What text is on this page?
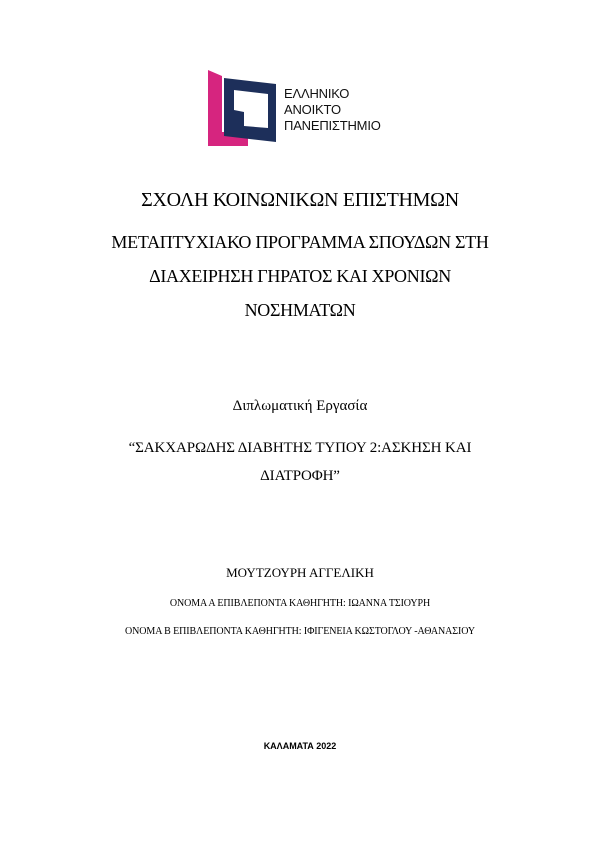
ΕΛΛΗΝΙΚΟ
ΑΝΟΙΚΤΟ
ΠΑΝΕΠΙΣΤΗΜΙΟ
ΣΧΟΛΗ ΚΟΙΝΩΝΙΚΩΝ ΕΠΙΣΤΗΜΩΝ
ΜΕΤΑΠΤΥΧΙΑΚΟ ΠΡΟΓΡΑΜΜΑ ΣΠΟΥΔΩΝ ΣΤΗ
ΔΙΑΧΕΙΡΗΣΗ ΓΗΡΑΤΟΣ ΚΑΙ ΧΡΟΝΙΩΝ
ΝΟΣΗΜΑΤΩΝ
Διπλωματική Εργασία
“ΣΑΚΧΑΡΩΔΗΣ ΔΙΑΒΗΤΗΣ ΤΥΠΟΥ 2:ΑΣΚΗΣΗ ΚΑΙ
ΔΙΑΤΡΟΦΗ”
ΜΟΥΤΖΟΥΡΗ ΑΓΓΕΛΙΚΗ
ΟΝΟΜΑ Α ΕΠΙΒΛΕΠΟΝΤΑ ΚΑΘΗΓΗΤΗ: ΙΩΑΝΝΑ ΤΣΙΟΥΡΗ
ΟΝΟΜΑ Β ΕΠΙΒΛΕΠΟΝΤΑ ΚΑΘΗΓΗΤΗ: ΙΦΙΓΕΝΕΙΑ ΚΩΣΤΟΓΛΟΥ -ΑΘΑΝΑΣΙΟΥ
ΚΑΛΑΜΑΤΑ 2022
